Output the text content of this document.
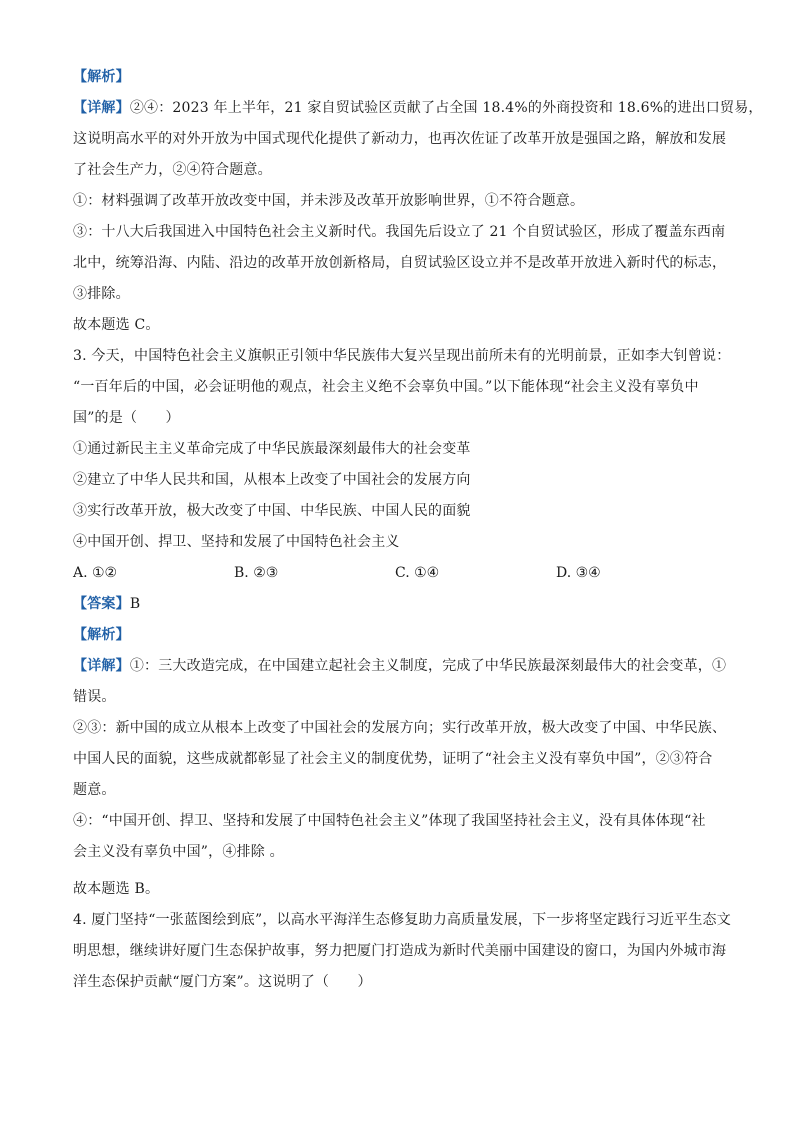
【解析】
【详解】②④：2023 年上半年，21 家自贸试验区贡献了占全国 18.4%的外商投资和 18.6%的进出口贸易，
这说明高水平的对外开放为中国式现代化提供了新动力，也再次佐证了改革开放是强国之路，解放和发展
了社会生产力，②④符合题意。
①：材料强调了改革开放改变中国，并未涉及改革开放影响世界，①不符合题意。
③：十八大后我国进入中国特色社会主义新时代。我国先后设立了 21 个自贸试验区，形成了覆盖东西南
北中，统筹沿海、内陆、沿边的改革开放创新格局，自贸试验区设立并不是改革开放进入新时代的标志，
③排除。
故本题选 C。
3. 今天，中国特色社会主义旗帜正引领中华民族伟大复兴呈现出前所未有的光明前景，正如李大钊曾说：
“一百年后的中国，必会证明他的观点，社会主义绝不会辜负中国。”以下能体现“社会主义没有辜负中
国”的是（　　）
①通过新民主主义革命完成了中华民族最深刻最伟大的社会变革
②建立了中华人民共和国，从根本上改变了中国社会的发展方向
③实行改革开放，极大改变了中国、中华民族、中国人民的面貌
④中国开创、捍卫、坚持和发展了中国特色社会主义
A. ①②	B. ②③	C. ①④	D. ③④
【答案】B
【解析】
【详解】①：三大改造完成，在中国建立起社会主义制度，完成了中华民族最深刻最伟大的社会变革，①
错误。
②③：新中国的成立从根本上改变了中国社会的发展方向；实行改革开放，极大改变了中国、中华民族、
中国人民的面貌，这些成就都彰显了社会主义的制度优势，证明了“社会主义没有辜负中国”，②③符合
题意。
④：“中国开创、捍卫、坚持和发展了中国特色社会主义”体现了我国坚持社会主义，没有具体体现“社
会主义没有辜负中国”，④排除 。
故本题选 B。
4. 厦门坚持“一张蓝图绘到底”，以高水平海洋生态修复助力高质量发展，下一步将坚定践行习近平生态文
明思想，继续讲好厦门生态保护故事，努力把厦门打造成为新时代美丽中国建设的窗口，为国内外城市海
洋生态保护贡献“厦门方案”。这说明了（　　）
